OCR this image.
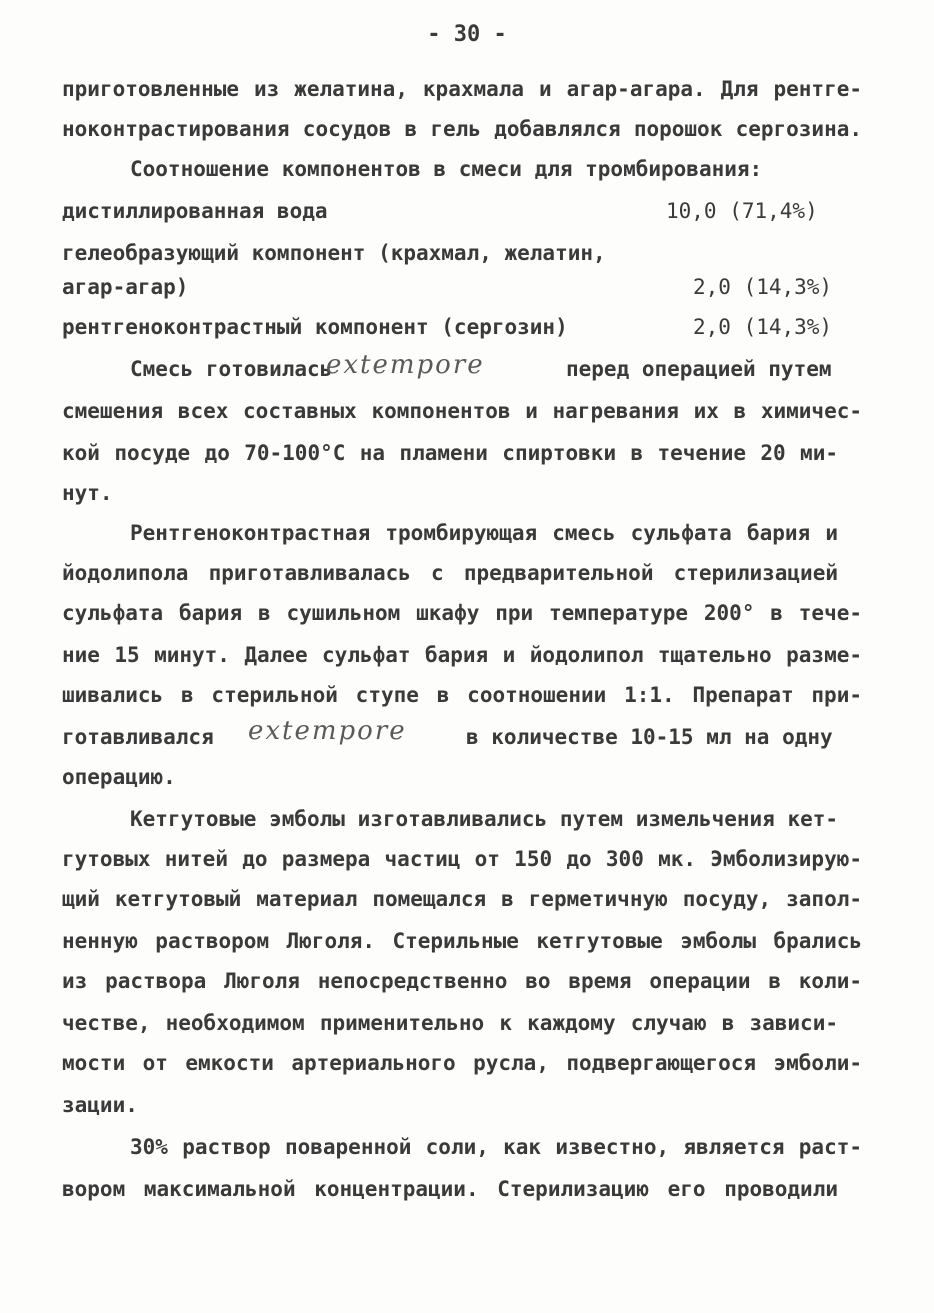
- 30 -
приготовленные из желатина, крахмала и агар-агара. Для рентге-
ноконтрастирования сосудов в гель добавлялся порошок сергозина.
Соотношение компонентов в смеси для тромбирования:
дистиллированная вода	10,0 (71,4%)
гелеобразующий компонент (крахмал, желатин,
агар-агар)	2,0 (14,3%)
рентгеноконтрастный компонент (сергозин)	2,0 (14,3%)
Смесь готовилась
extempore	перед операцией путем
смешения всех составных компонентов и нагревания их в химичес-
кой посуде до 70-100°С на пламени спиртовки в течение 20 ми-
нут.
Рентгеноконтрастная тромбирующая смесь сульфата бария и
йодолипола приготавливалась с предварительной стерилизацией
сульфата бария в сушильном шкафу при температуре 200° в тече-
ние 15 минут. Далее сульфат бария и йодолипол тщательно разме-
шивались в стерильной ступе в соотношении 1:1. Препарат при-
готавливался extempore	в количестве 10-15 мл на одну
операцию.
Кетгутовые эмболы изготавливались путем измельчения кет-
гутовых нитей до размера частиц от 150 до 300 мк. Эмболизирую-
щий кетгутовый материал помещался в герметичную посуду, запол-
ненную раствором Люголя. Стерильные кетгутовые эмболы брались
из раствора Люголя непосредственно во время операции в коли-
честве, необходимом применительно к каждому случаю в зависи-
мости от емкости артериального русла, подвергающегося эмболи-
зации.
30% раствор поваренной соли, как известно, является раст-
вором максимальной концентрации. Стерилизацию его проводили
